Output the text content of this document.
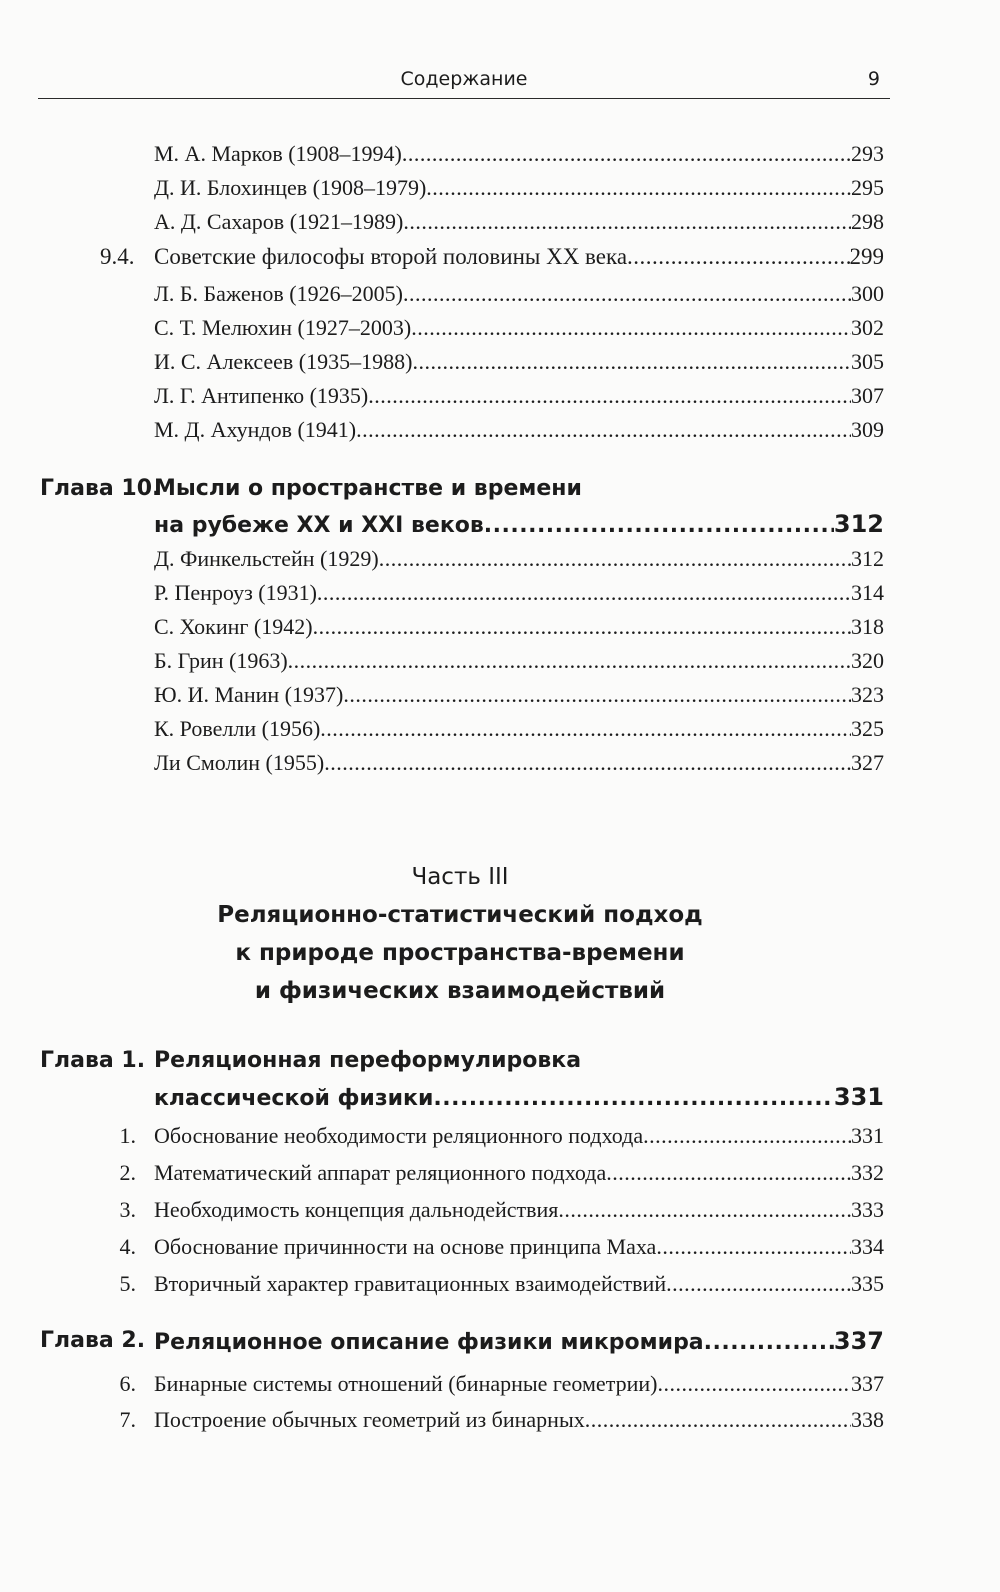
Содержание	9
М. А. Марков (1908–1994) .....	293
Д. И. Блохинцев (1908–1979) .....	295
А. Д. Сахаров (1921–1989) .....	298
9.4. Советские философы второй половины XX века .....	299
Л. Б. Баженов (1926–2005) .....	300
С. Т. Мелюхин (1927–2003) .....	302
И. С. Алексеев (1935–1988) .....	305
Л. Г. Антипенко (1935) .....	307
М. Д. Ахундов (1941) .....	309
Глава 10.
Мысли о пространстве и времени
на рубеже XX и XXI веков .....	312
Д. Финкельстейн (1929) .....	312
Р. Пенроуз (1931) .....	314
С. Хокинг (1942) .....	318
Б. Грин (1963) .....	320
Ю. И. Манин (1937) .....	323
К. Ровелли (1956) .....	325
Ли Смолин (1955) .....	327
Часть III
Реляционно-статистический подход
к природе пространства-времени
и физических взаимодействий
Глава 1. Реляционная переформулировка
классической физики .....	331
1. Обоснование необходимости реляционного подхода .....	331
2. Математический аппарат реляционного подхода .....	332
3. Необходимость концепция дальнодействия .....	333
4. Обоснование причинности на основе принципа Маха .....	334
5. Вторичный характер гравитационных взаимодействий .....	335
Глава 2. Реляционное описание физики микромира .....	337
6. Бинарные системы отношений (бинарные геометрии) .....	337
7. Построение обычных геометрий из бинарных .....	338
